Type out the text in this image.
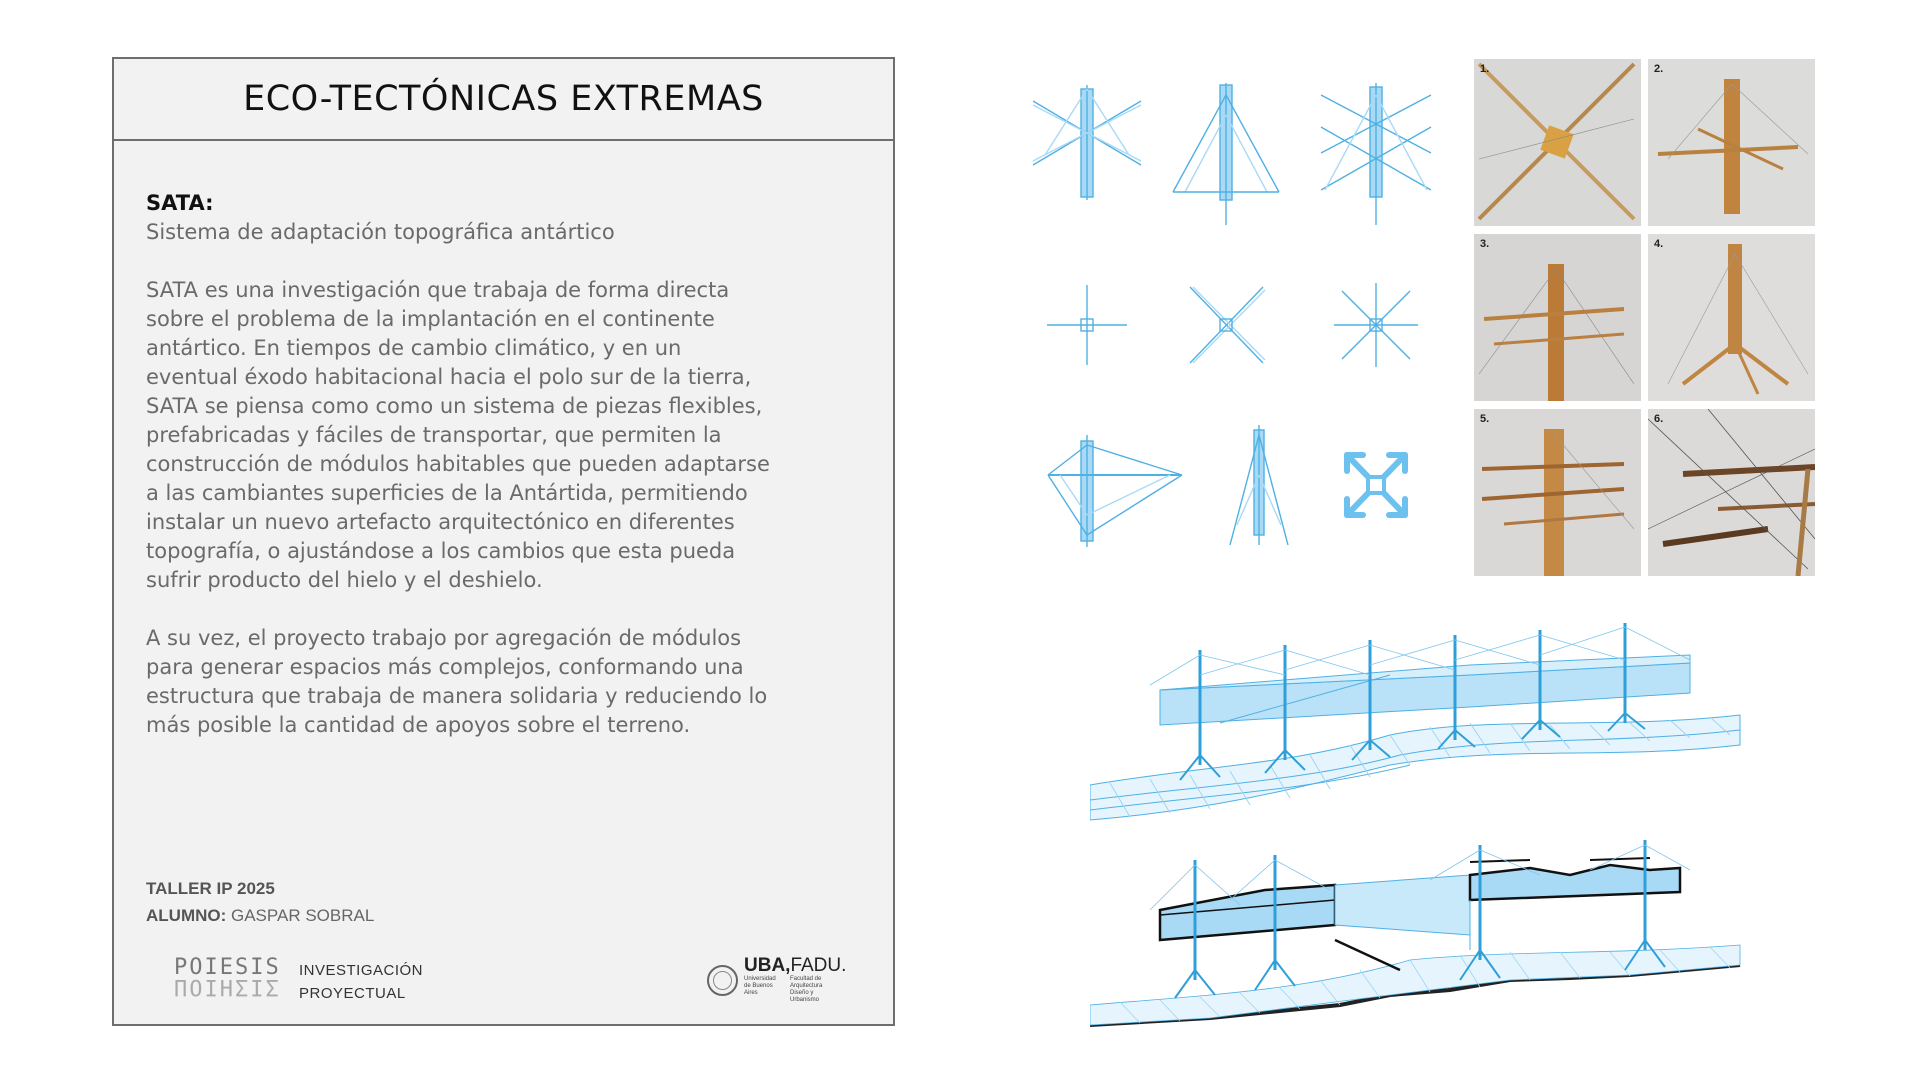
ECO-TECTÓNICAS EXTREMAS

SATA:

Sistema de adaptación topográfica antártico

SATA es una investigación que trabaja de forma directa
sobre el problema de la implantación en el continente
antártico. En tiempos de cambio climático, y en un
eventual éxodo habitacional hacia el polo sur de la tierra,
SATA se piensa como como un sistema de piezas flexibles,
prefabricadas y fáciles de transportar, que permiten la
construcción de módulos habitables que pueden adaptarse
a las cambiantes superficies de la Antártida, permitiendo
instalar un nuevo artefacto arquitectónico en diferentes
topografía, o ajustándose a los cambios que esta pueda
sufrir producto del hielo y el deshielo.

A su vez, el proyecto trabajo por agregación de módulos
para generar espacios más complejos, conformando una
estructura que trabaja de manera solidaria y reduciendo lo
más posible la cantidad de apoyos sobre el terreno.

TALLER IP 2025
ALUMNO: GASPAR SOBRAL
POIESIS
ΠΟΙΗΣΙΣ
INVESTIGACIÓN
PROYECTUAL
UBA,FADU.
Universidad de Buenos Aires
Facultad de Arquitectura Diseño y Urbanismo
1.	2.
3.	4.
5.	6.
